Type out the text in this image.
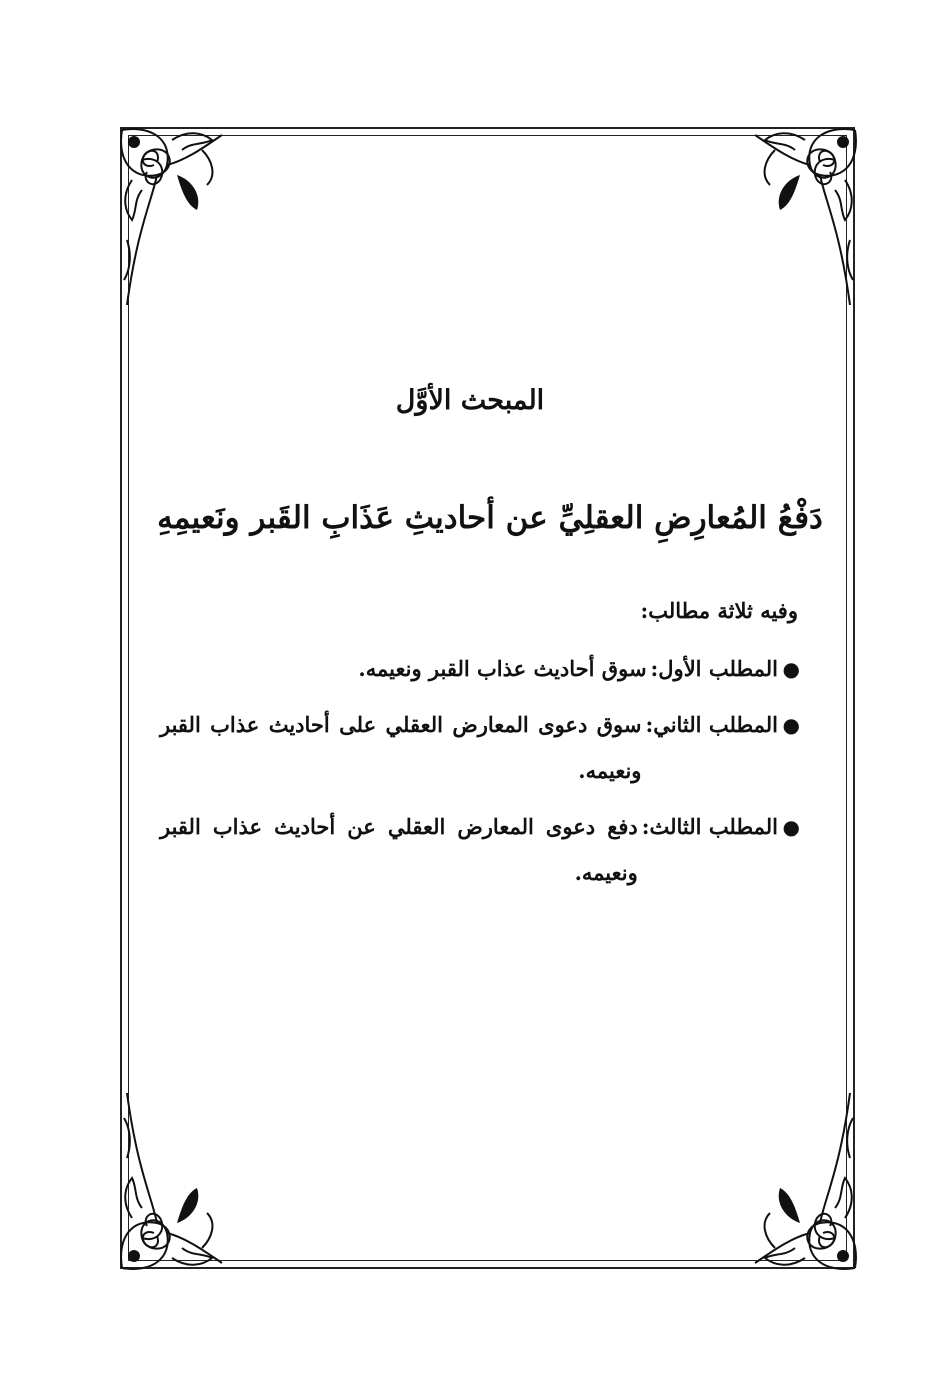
المبحث الأوَّل
دَفْعُ المُعارِضِ العقلِيِّ عن أحاديثِ عَذَابِ القَبر ونَعيمِهِ
وفيه ثلاثة مطالب:
●
المطلب الأول:
سوق أحاديث عذاب القبر ونعيمه.
●
المطلب الثاني:
سوق دعوى المعارض العقلي على أحاديث عذاب القبر ونعيمه.
●
المطلب الثالث:
دفع دعوى المعارض العقلي عن أحاديث عذاب القبر ونعيمه.
